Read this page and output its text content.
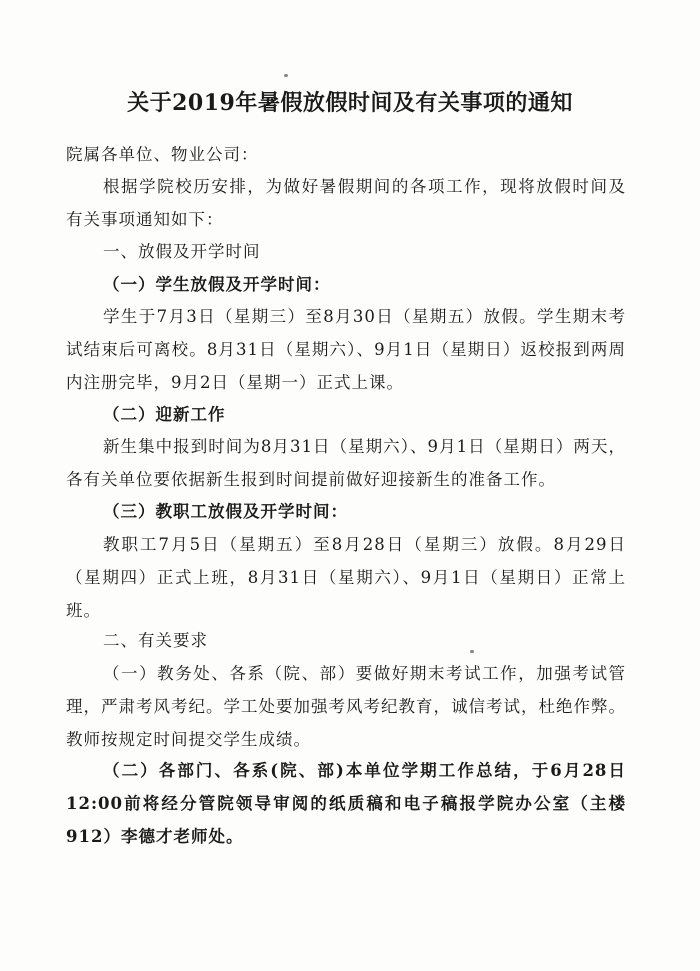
关于2019年暑假放假时间及有关事项的通知
院属各单位、物业公司：
根据学院校历安排，为做好暑假期间的各项工作，现将放假时间及有关事项通知如下：
一、放假及开学时间
（一）学生放假及开学时间：
学生于7月3日（星期三）至8月30日（星期五）放假。学生期末考试结束后可离校。8月31日（星期六）、9月1日（星期日）返校报到两周内注册完毕，9月2日（星期一）正式上课。
（二）迎新工作
新生集中报到时间为8月31日（星期六）、9月1日（星期日）两天，各有关单位要依据新生报到时间提前做好迎接新生的准备工作。
（三）教职工放假及开学时间：
教职工7月5日（星期五）至8月28日（星期三）放假。8月29日（星期四）正式上班，8月31日（星期六）、9月1日（星期日）正常上班。
二、有关要求
（一）教务处、各系（院、部）要做好期末考试工作，加强考试管理，严肃考风考纪。学工处要加强考风考纪教育，诚信考试，杜绝作弊。教师按规定时间提交学生成绩。
（二）各部门、各系(院、部)本单位学期工作总结，于6月28日12:00前将经分管院领导审阅的纸质稿和电子稿报学院办公室（主楼912）李德才老师处。
